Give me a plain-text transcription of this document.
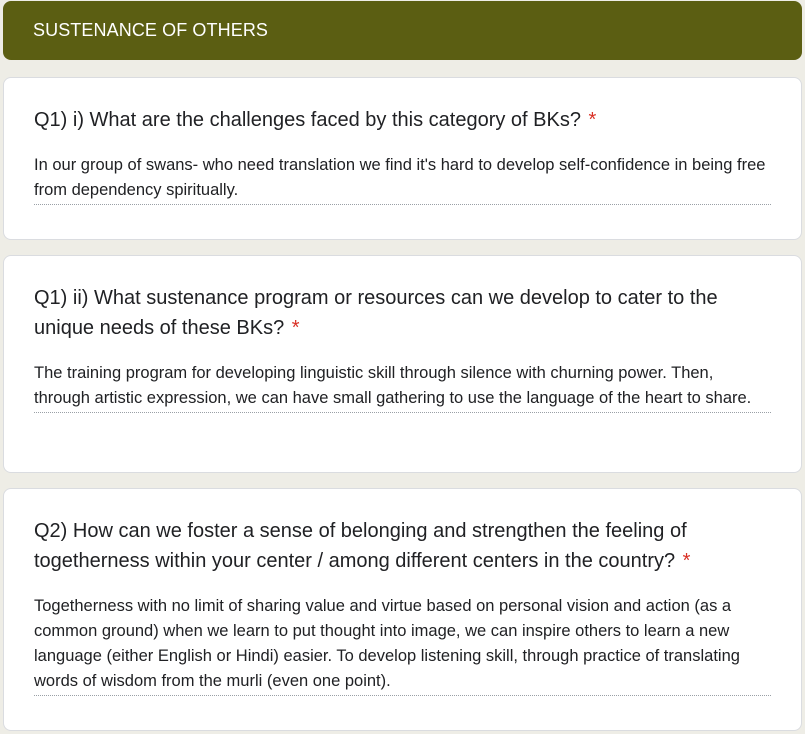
SUSTENANCE OF OTHERS

Q1) i) What are the challenges faced by this category of BKs? *

In our group of swans- who need translation we find it's hard to develop self-confidence in being free from dependency spiritually.

Q1) ii) What sustenance program or resources can we develop to cater to the unique needs of these BKs? *

The training program for developing linguistic skill through silence with churning power. Then, through artistic expression, we can have small gathering to use the language of the heart to share.

Q2) How can we foster a sense of belonging and strengthen the feeling of togetherness within your center / among different centers in the country? *

Togetherness with no limit of sharing value and virtue based on personal vision and action (as a common ground) when we learn to put thought into image, we can inspire others to learn a new language (either English or Hindi) easier. To develop listening skill, through practice of translating words of wisdom from the murli (even one point).
